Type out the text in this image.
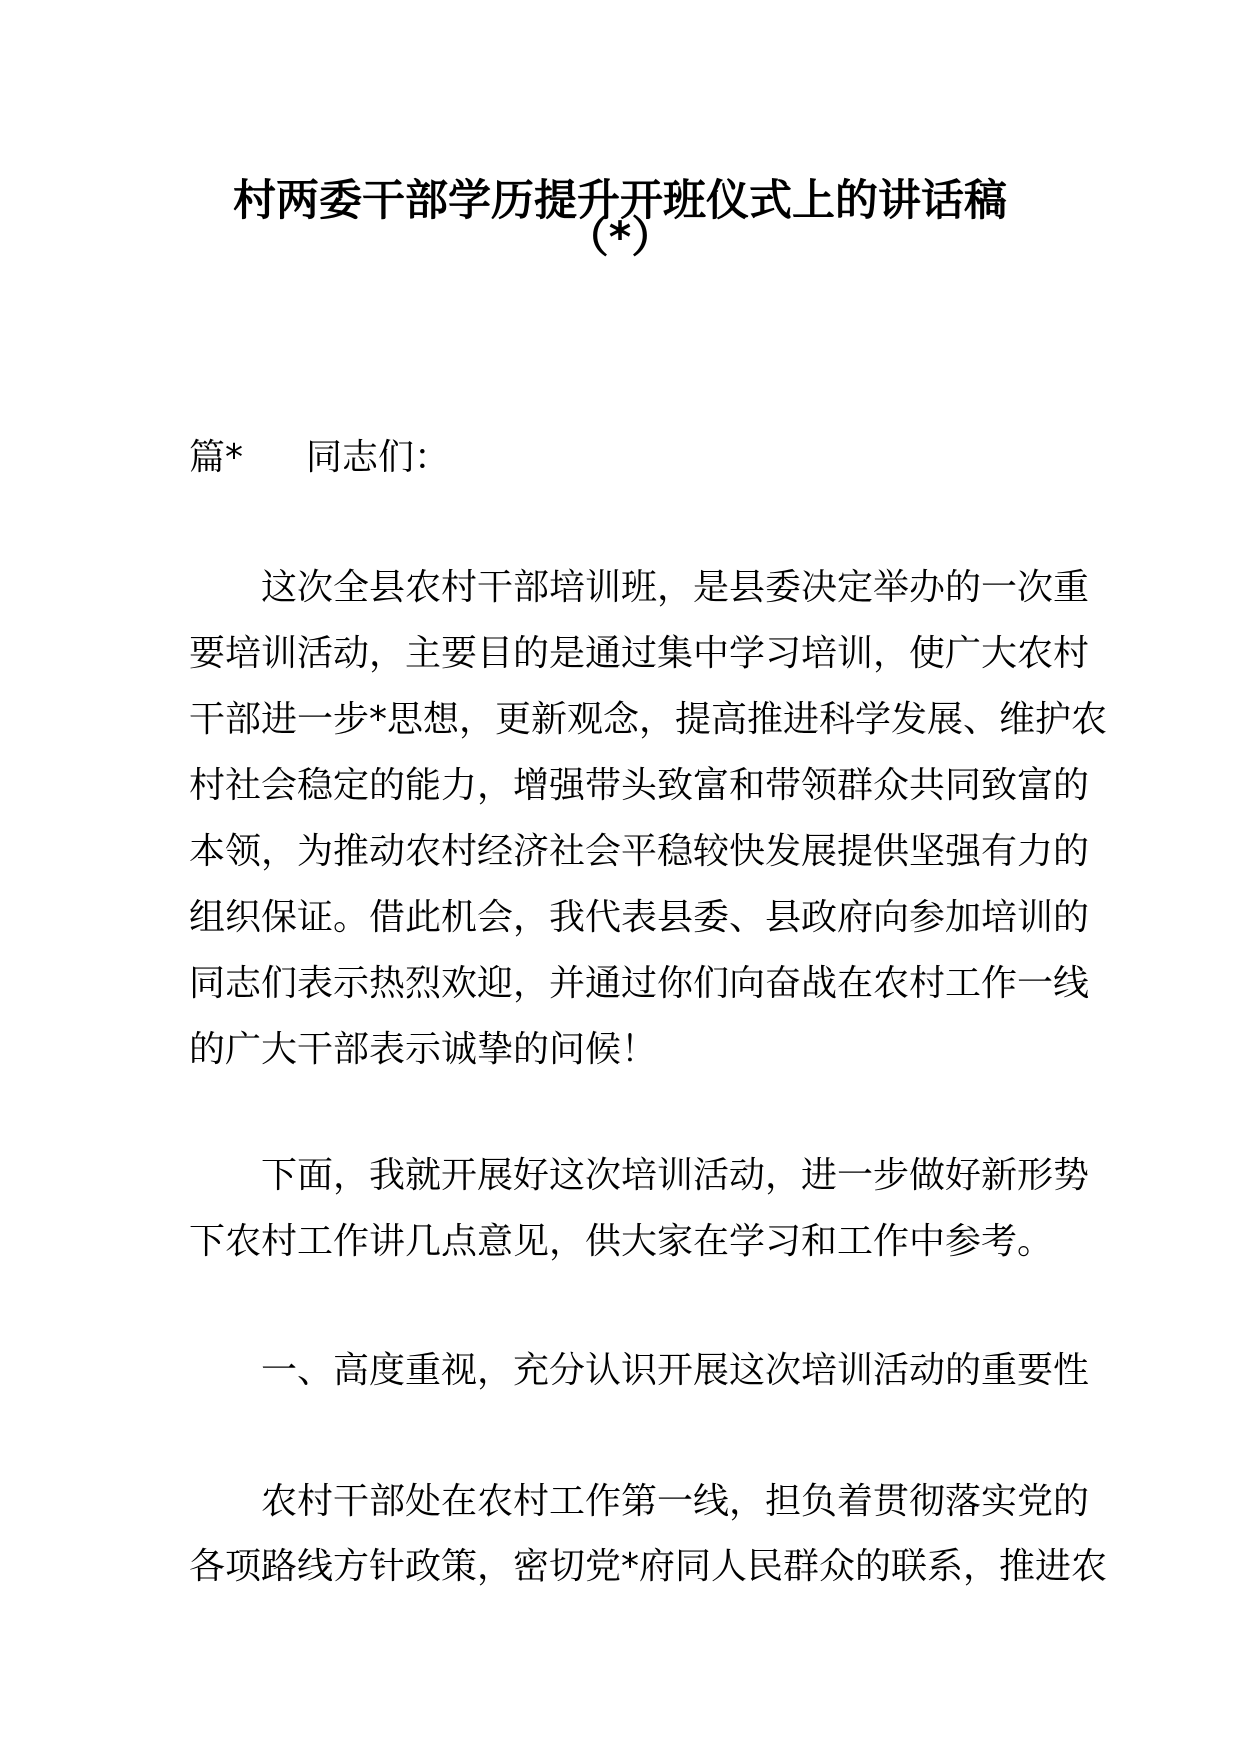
村两委干部学历提升开班仪式上的讲话稿
（*）
篇* 同志们：
这次全县农村干部培训班，是县委决定举办的一次重
要培训活动，主要目的是通过集中学习培训，使广大农村
干部进一步*思想，更新观念，提高推进科学发展、维护农
村社会稳定的能力，增强带头致富和带领群众共同致富的
本领，为推动农村经济社会平稳较快发展提供坚强有力的
组织保证。借此机会，我代表县委、县政府向参加培训的
同志们表示热烈欢迎，并通过你们向奋战在农村工作一线
的广大干部表示诚挚的问候！
下面，我就开展好这次培训活动，进一步做好新形势
下农村工作讲几点意见，供大家在学习和工作中参考。
一、高度重视，充分认识开展这次培训活动的重要性
农村干部处在农村工作第一线，担负着贯彻落实党的
各项路线方针政策，密切党*府同人民群众的联系，推进农
